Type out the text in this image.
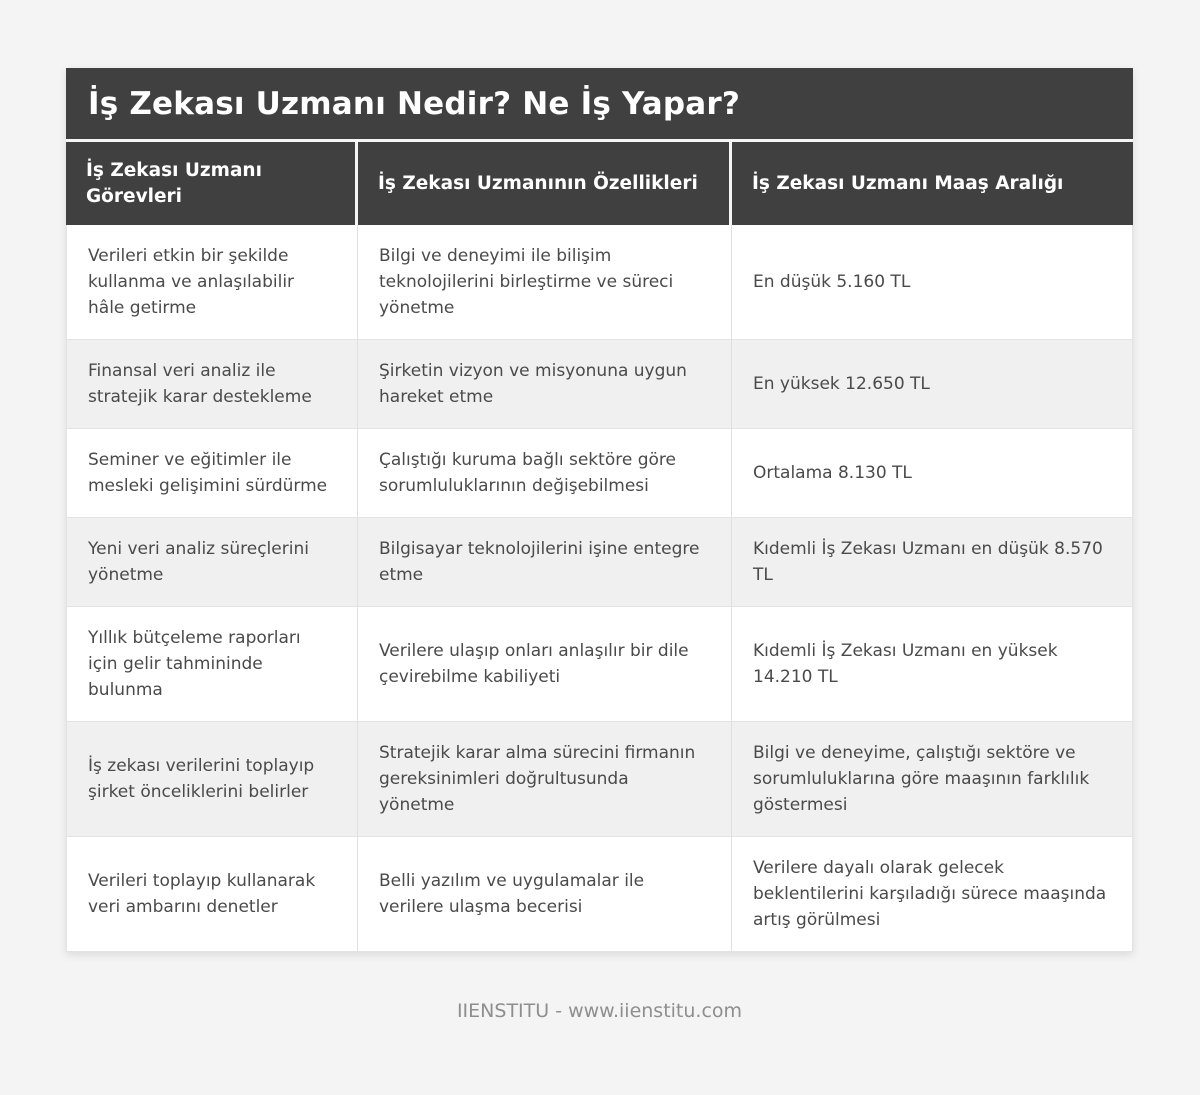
İş Zekası Uzmanı Nedir? Ne İş Yapar?
İş Zekası Uzmanı Görevleri
İş Zekası Uzmanının Özellikleri	İş Zekası Uzmanı Maaş Aralığı
Verileri etkin bir şekilde kullanma ve anlaşılabilir hâle getirme
Bilgi ve deneyimi ile bilişim teknolojilerini birleştirme ve süreci yönetme
En düşük 5.160 TL
Finansal veri analiz ile stratejik karar destekleme
Şirketin vizyon ve misyonuna uygun hareket etme
En yüksek 12.650 TL
Seminer ve eğitimler ile mesleki gelişimini sürdürme
Çalıştığı kuruma bağlı sektöre göre sorumluluklarının değişebilmesi
Ortalama 8.130 TL
Yeni veri analiz süreçlerini yönetme
Bilgisayar teknolojilerini işine entegre etme
Kıdemli İş Zekası Uzmanı en düşük 8.570 TL
Yıllık bütçeleme raporları için gelir tahmininde bulunma
Verilere ulaşıp onları anlaşılır bir dile çevirebilme kabiliyeti
Kıdemli İş Zekası Uzmanı en yüksek 14.210 TL
İş zekası verilerini toplayıp şirket önceliklerini belirler
Stratejik karar alma sürecini firmanın gereksinimleri doğrultusunda yönetme
Bilgi ve deneyime, çalıştığı sektöre ve sorumluluklarına göre maaşının farklılık göstermesi
Verileri toplayıp kullanarak veri ambarını denetler
Belli yazılım ve uygulamalar ile verilere ulaşma becerisi
Verilere dayalı olarak gelecek beklentilerini karşıladığı sürece maaşında artış görülmesi
IIENSTITU - www.iienstitu.com
